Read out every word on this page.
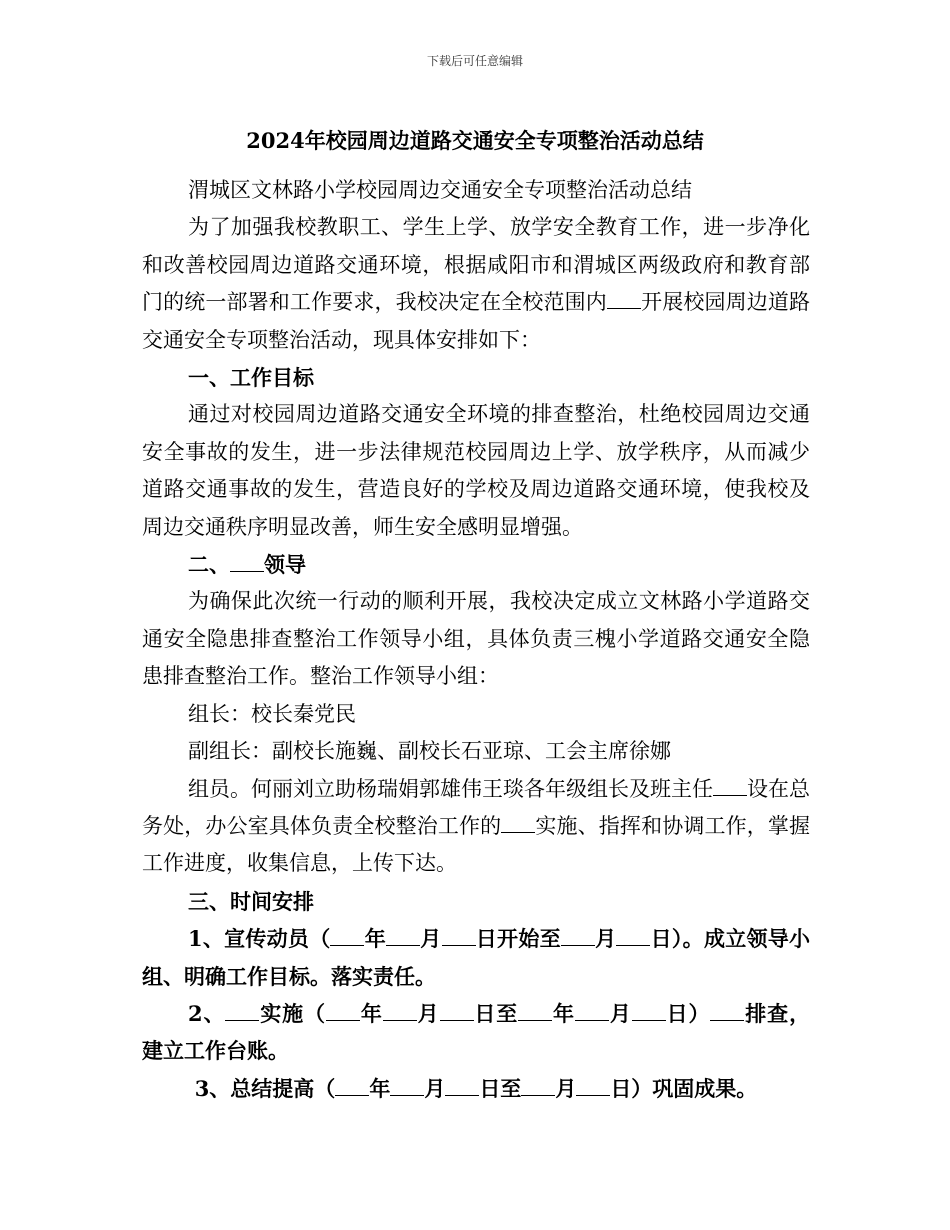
下载后可任意编辑
2024年校园周边道路交通安全专项整治活动总结

渭城区文林路小学校园周边交通安全专项整治活动总结

为了加强我校教职工、学生上学、放学安全教育工作，进一步净化和改善校园周边道路交通环境，根据咸阳市和渭城区两级政府和教育部门的统一部署和工作要求，我校决定在全校范围内 开展校园周边道路交通安全专项整治活动，现具体安排如下：

一、工作目标

通过对校园周边道路交通安全环境的排查整治，杜绝校园周边交通安全事故的发生，进一步法律规范校园周边上学、放学秩序，从而减少道路交通事故的发生，营造良好的学校及周边道路交通环境，使我校及周边交通秩序明显改善，师生安全感明显增强。

二、 领导

为确保此次统一行动的顺利开展，我校决定成立文林路小学道路交通安全隐患排查整治工作领导小组，具体负责三槐小学道路交通安全隐患排查整治工作。整治工作领导小组：

组长：校长秦党民

副组长：副校长施巍、副校长石亚琼、工会主席徐娜

组员。何丽刘立助杨瑞娟郭雄伟王琰各年级组长及班主任 设在总务处，办公室具体负责全校整治工作的 实施、指挥和协调工作，掌握工作进度，收集信息，上传下达。

三、时间安排

1、宣传动员（ 年 月 日开始至 月 日）。成立领导小组、明确工作目标。落实责任。

2、 实施（ 年 月 日至 年 月 日） 排查，建立工作台账。

3、总结提高（ 年 月 日至 月 日）巩固成果。
